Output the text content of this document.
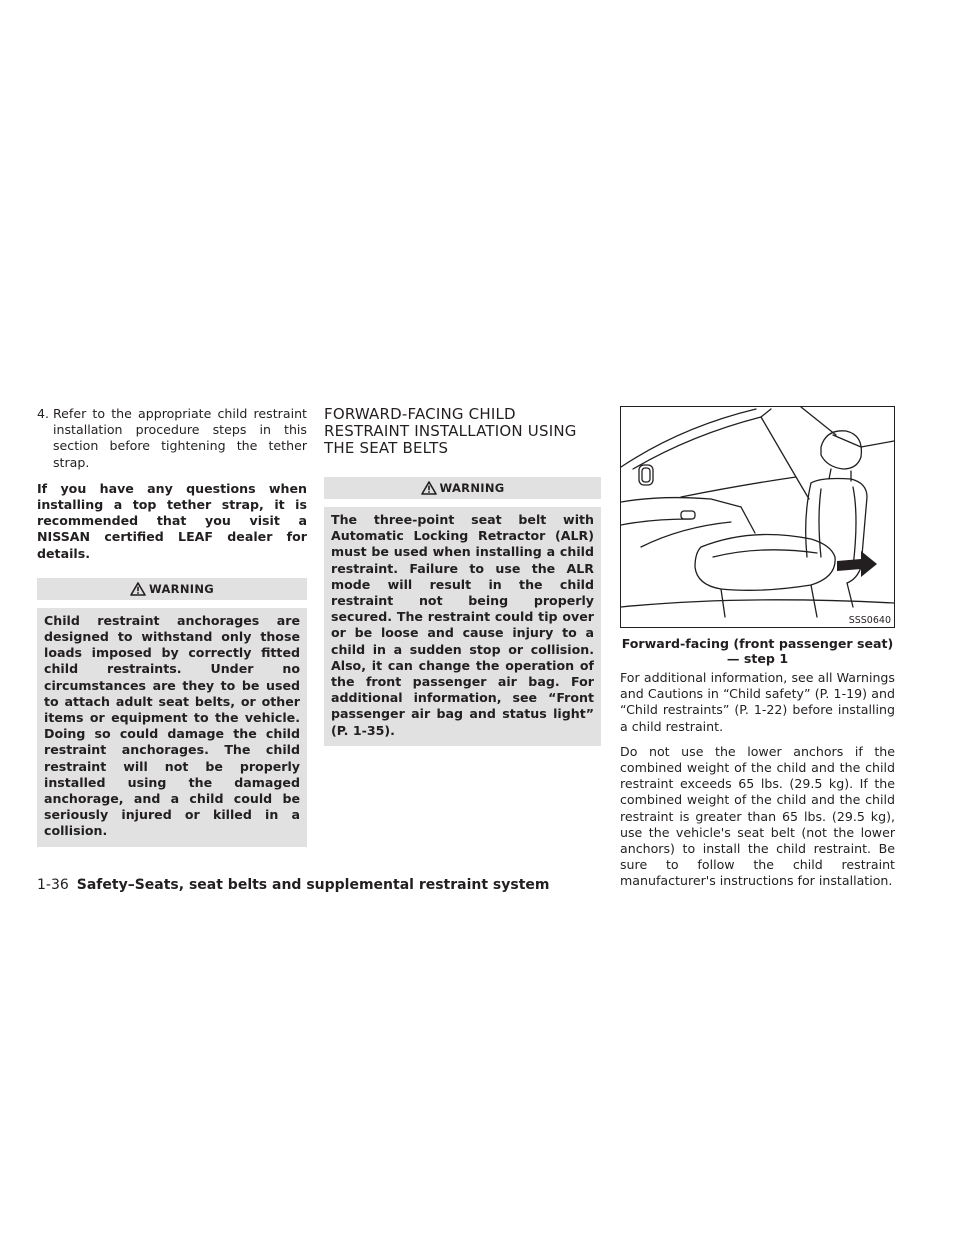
4. Refer to the appropriate child restraint installation procedure steps in this section before tightening the tether strap.

If you have any questions when installing a top tether strap, it is recommended that you visit a NISSAN certified LEAF dealer for details.

WARNING
Child restraint anchorages are designed to withstand only those loads imposed by correctly fitted child restraints. Under no circumstances are they to be used to attach adult seat belts, or other items or equipment to the vehicle. Doing so could damage the child restraint anchorages. The child restraint will not be properly installed using the damaged anchorage, and a child could be seriously injured or killed in a collision.
FORWARD-FACING CHILD RESTRAINT INSTALLATION USING THE SEAT BELTS
WARNING
The three-point seat belt with Automatic Locking Retractor (ALR) must be used when installing a child restraint. Failure to use the ALR mode will result in the child restraint not being properly secured. The restraint could tip over or be loose and cause injury to a child in a sudden stop or collision. Also, it can change the operation of the front passenger air bag. For additional information, see “Front passenger air bag and status light” (P. 1-35).
SSS0640
Forward-facing (front passenger seat)
— step 1

For additional information, see all Warnings and Cautions in “Child safety” (P. 1-19) and “Child restraints” (P. 1-22) before installing a child restraint.

Do not use the lower anchors if the combined weight of the child and the child restraint exceeds 65 lbs. (29.5 kg). If the combined weight of the child and the child restraint is greater than 65 lbs. (29.5 kg), use the vehicle's seat belt (not the lower anchors) to install the child restraint. Be sure to follow the child restraint manufacturer's instructions for installation.

1-36 Safety–Seats, seat belts and supplemental restraint system
